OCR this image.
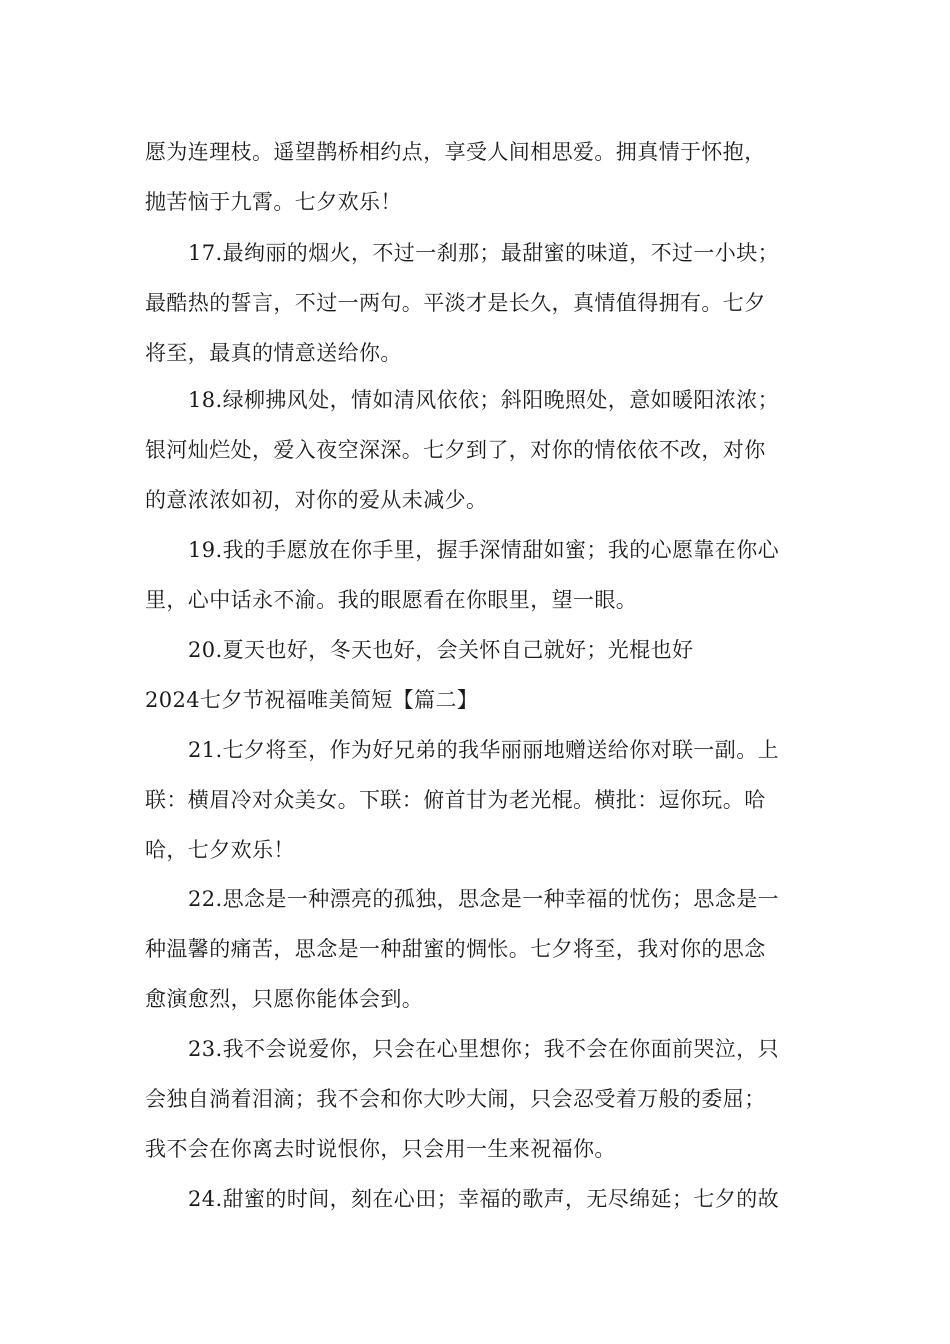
愿为连理枝。遥望鹊桥相约点，享受人间相思爱。拥真情于怀抱，
抛苦恼于九霄。七夕欢乐！
17.最绚丽的烟火，不过一刹那；最甜蜜的味道，不过一小块；
最酷热的誓言，不过一两句。平淡才是长久，真情值得拥有。七夕
将至，最真的情意送给你。
18.绿柳拂风处，情如清风依依；斜阳晚照处，意如暖阳浓浓；
银河灿烂处，爱入夜空深深。七夕到了，对你的情依依不改，对你
的意浓浓如初，对你的爱从未减少。
19.我的手愿放在你手里，握手深情甜如蜜；我的心愿靠在你心
里，心中话永不渝。我的眼愿看在你眼里，望一眼。
20.夏天也好，冬天也好，会关怀自己就好；光棍也好
2024七夕节祝福唯美简短【篇二】
21.七夕将至，作为好兄弟的我华丽丽地赠送给你对联一副。上
联：横眉冷对众美女。下联：俯首甘为老光棍。横批：逗你玩。哈
哈，七夕欢乐！
22.思念是一种漂亮的孤独，思念是一种幸福的忧伤；思念是一
种温馨的痛苦，思念是一种甜蜜的惆怅。七夕将至，我对你的思念
愈演愈烈，只愿你能体会到。
23.我不会说爱你，只会在心里想你；我不会在你面前哭泣，只
会独自淌着泪滴；我不会和你大吵大闹，只会忍受着万般的委屈；
我不会在你离去时说恨你，只会用一生来祝福你。
24.甜蜜的时间，刻在心田；幸福的歌声，无尽绵延；七夕的故
